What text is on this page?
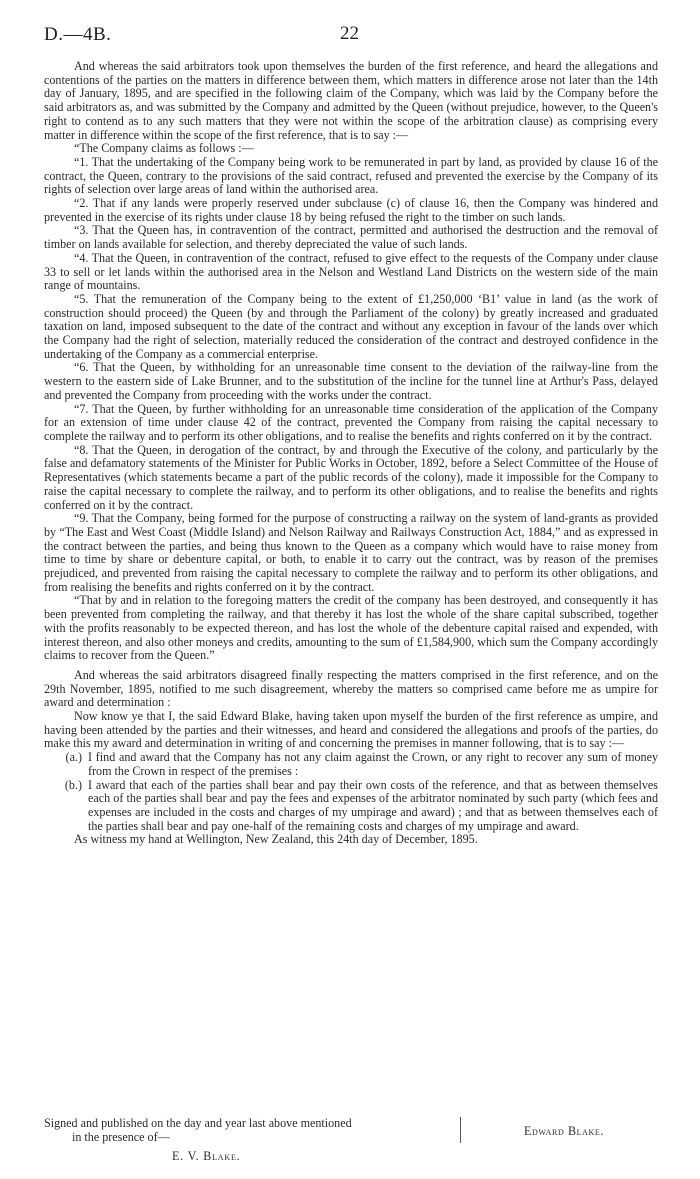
D.—4B.	22

And whereas the said arbitrators took upon themselves the burden of the first reference, and heard the allegations and contentions of the parties on the matters in difference between them, which matters in difference arose not later than the 14th day of January, 1895, and are specified in the following claim of the Company, which was laid by the Company before the said arbitrators as, and was submitted by the Company and admitted by the Queen (without prejudice, however, to the Queen's right to contend as to any such matters that they were not within the scope of the arbitration clause) as comprising every matter in difference within the scope of the first reference, that is to say :—

“The Company claims as follows :—

“1. That the undertaking of the Company being work to be remunerated in part by land, as provided by clause 16 of the contract, the Queen, contrary to the provisions of the said contract, refused and prevented the exercise by the Company of its rights of selection over large areas of land within the authorised area.

“2. That if any lands were properly reserved under subclause (c) of clause 16, then the Company was hindered and prevented in the exercise of its rights under clause 18 by being refused the right to the timber on such lands.

“3. That the Queen has, in contravention of the contract, permitted and authorised the destruction and the removal of timber on lands available for selection, and thereby depreciated the value of such lands.

“4. That the Queen, in contravention of the contract, refused to give effect to the requests of the Company under clause 33 to sell or let lands within the authorised area in the Nelson and Westland Land Districts on the western side of the main range of mountains.

“5. That the remuneration of the Company being to the extent of £1,250,000 ‘B1’ value in land (as the work of construction should proceed) the Queen (by and through the Parliament of the colony) by greatly increased and graduated taxation on land, imposed subsequent to the date of the contract and without any exception in favour of the lands over which the Company had the right of selection, materially reduced the consideration of the contract and destroyed confidence in the undertaking of the Company as a commercial enterprise.

“6. That the Queen, by withholding for an unreasonable time consent to the deviation of the railway-line from the western to the eastern side of Lake Brunner, and to the substitution of the incline for the tunnel line at Arthur's Pass, delayed and prevented the Company from proceeding with the works under the contract.

“7. That the Queen, by further withholding for an unreasonable time consideration of the application of the Company for an extension of time under clause 42 of the contract, prevented the Company from raising the capital necessary to complete the railway and to perform its other obligations, and to realise the benefits and rights conferred on it by the contract.

“8. That the Queen, in derogation of the contract, by and through the Executive of the colony, and particularly by the false and defamatory statements of the Minister for Public Works in October, 1892, before a Select Committee of the House of Representatives (which statements became a part of the public records of the colony), made it impossible for the Company to raise the capital necessary to complete the railway, and to perform its other obligations, and to realise the benefits and rights conferred on it by the contract.

“9. That the Company, being formed for the purpose of constructing a railway on the system of land-grants as provided by “The East and West Coast (Middle Island) and Nelson Railway and Railways Construction Act, 1884,” and as expressed in the contract between the parties, and being thus known to the Queen as a company which would have to raise money from time to time by share or debenture capital, or both, to enable it to carry out the contract, was by reason of the premises prejudiced, and prevented from raising the capital necessary to complete the railway and to perform its other obligations, and from realising the benefits and rights conferred on it by the contract.

“That by and in relation to the foregoing matters the credit of the company has been destroyed, and consequently it has been prevented from completing the railway, and that thereby it has lost the whole of the share capital subscribed, together with the profits reasonably to be expected thereon, and has lost the whole of the debenture capital raised and expended, with interest thereon, and also other moneys and credits, amounting to the sum of £1,584,900, which sum the Company accordingly claims to recover from the Queen.”

And whereas the said arbitrators disagreed finally respecting the matters comprised in the first reference, and on the 29th November, 1895, notified to me such disagreement, whereby the matters so comprised came before me as umpire for award and determination :

Now know ye that I, the said Edward Blake, having taken upon myself the burden of the first reference as umpire, and having been attended by the parties and their witnesses, and heard and considered the allegations and proofs of the parties, do make this my award and determination in writing of and concerning the premises in manner following, that is to say :—

(a.) I find and award that the Company has not any claim against the Crown, or any right to recover any sum of money from the Crown in respect of the premises :
(b.) I award that each of the parties shall bear and pay their own costs of the reference, and that as between themselves each of the parties shall bear and pay the fees and expenses of the arbitrator nominated by such party (which fees and expenses are included in the costs and charges of my umpirage and award) ; and that as between themselves each of the parties shall bear and pay one-half of the remaining costs and charges of my umpirage and award.

As witness my hand at Wellington, New Zealand, this 24th day of December, 1895.

Signed and published on the day and year last above mentioned
in the presence of—	Edward Blake.
E. V. Blake.
